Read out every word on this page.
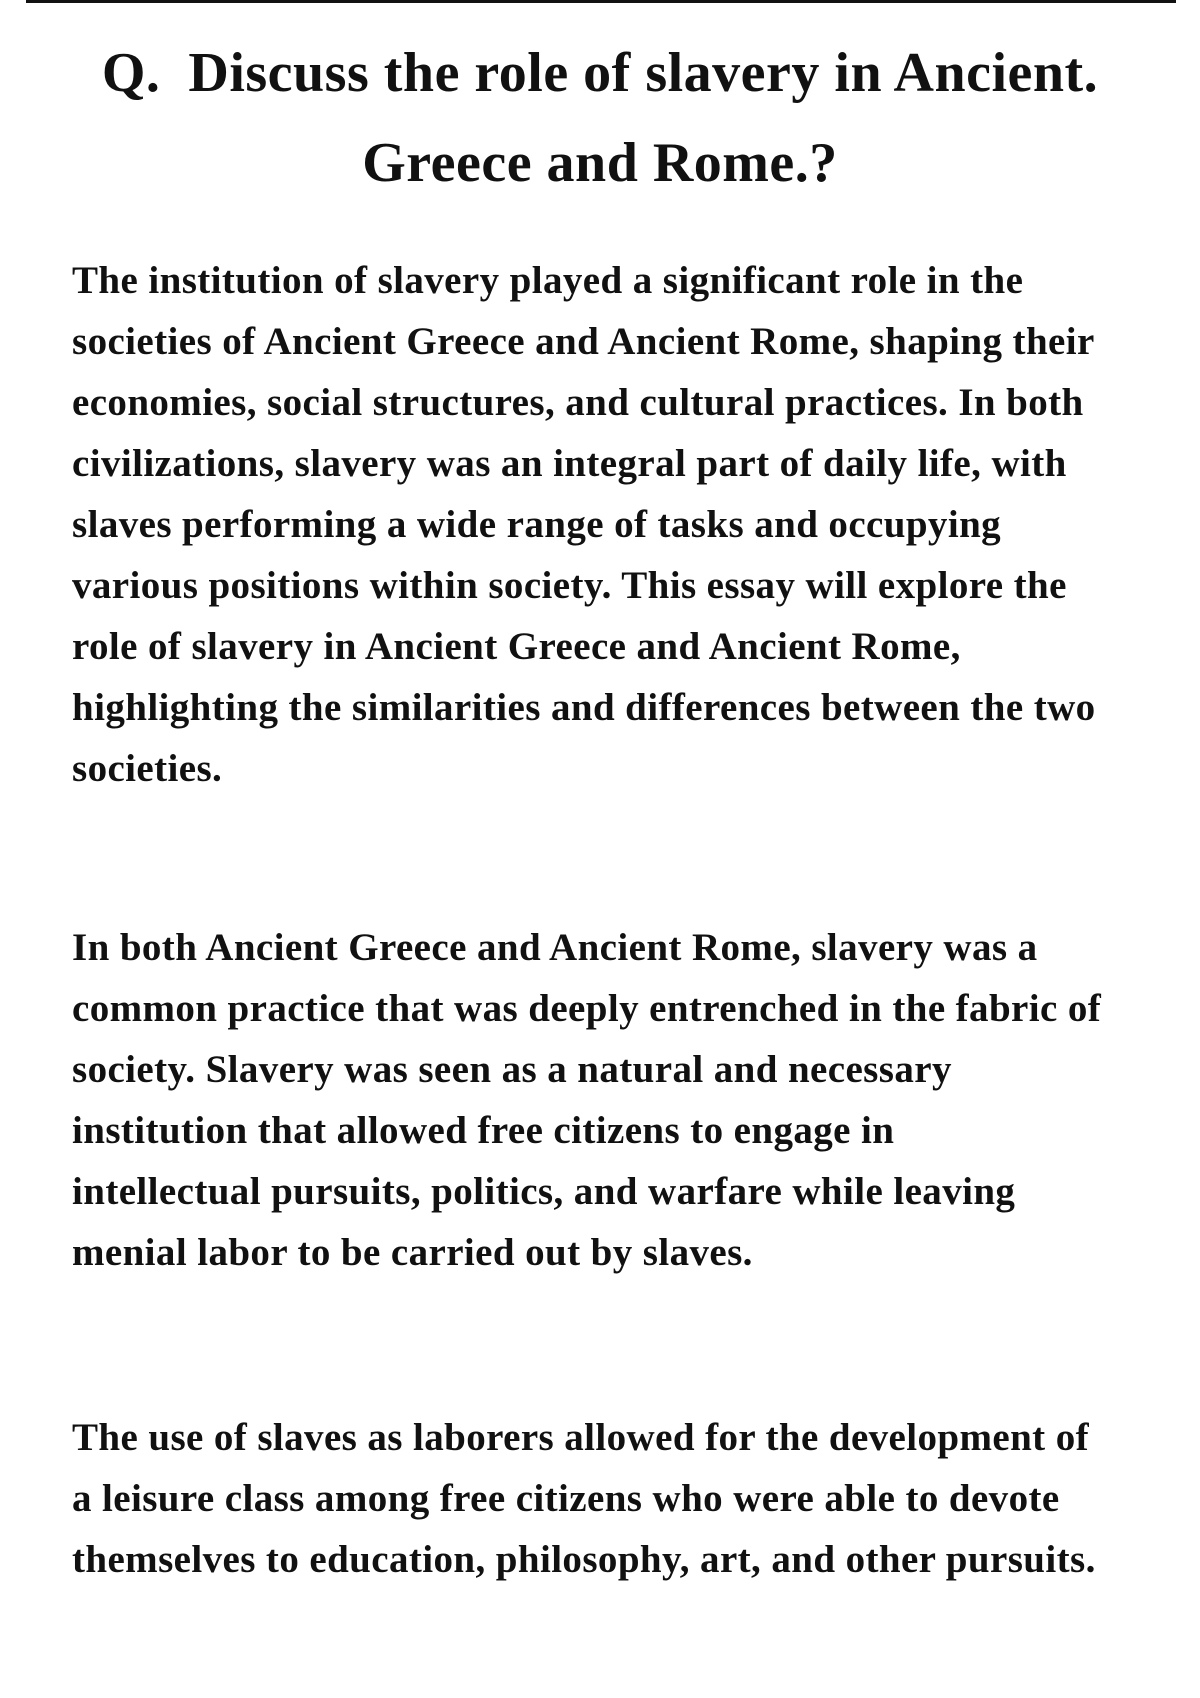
Q. Discuss the role of slavery in Ancient.
Greece and Rome.?

The institution of slavery played a significant role in the
societies of Ancient Greece and Ancient Rome, shaping their
economies, social structures, and cultural practices. In both
civilizations, slavery was an integral part of daily life, with
slaves performing a wide range of tasks and occupying
various positions within society. This essay will explore the
role of slavery in Ancient Greece and Ancient Rome,
highlighting the similarities and differences between the two
societies.

In both Ancient Greece and Ancient Rome, slavery was a
common practice that was deeply entrenched in the fabric of
society. Slavery was seen as a natural and necessary
institution that allowed free citizens to engage in
intellectual pursuits, politics, and warfare while leaving
menial labor to be carried out by slaves.

The use of slaves as laborers allowed for the development of
a leisure class among free citizens who were able to devote
themselves to education, philosophy, art, and other pursuits.
